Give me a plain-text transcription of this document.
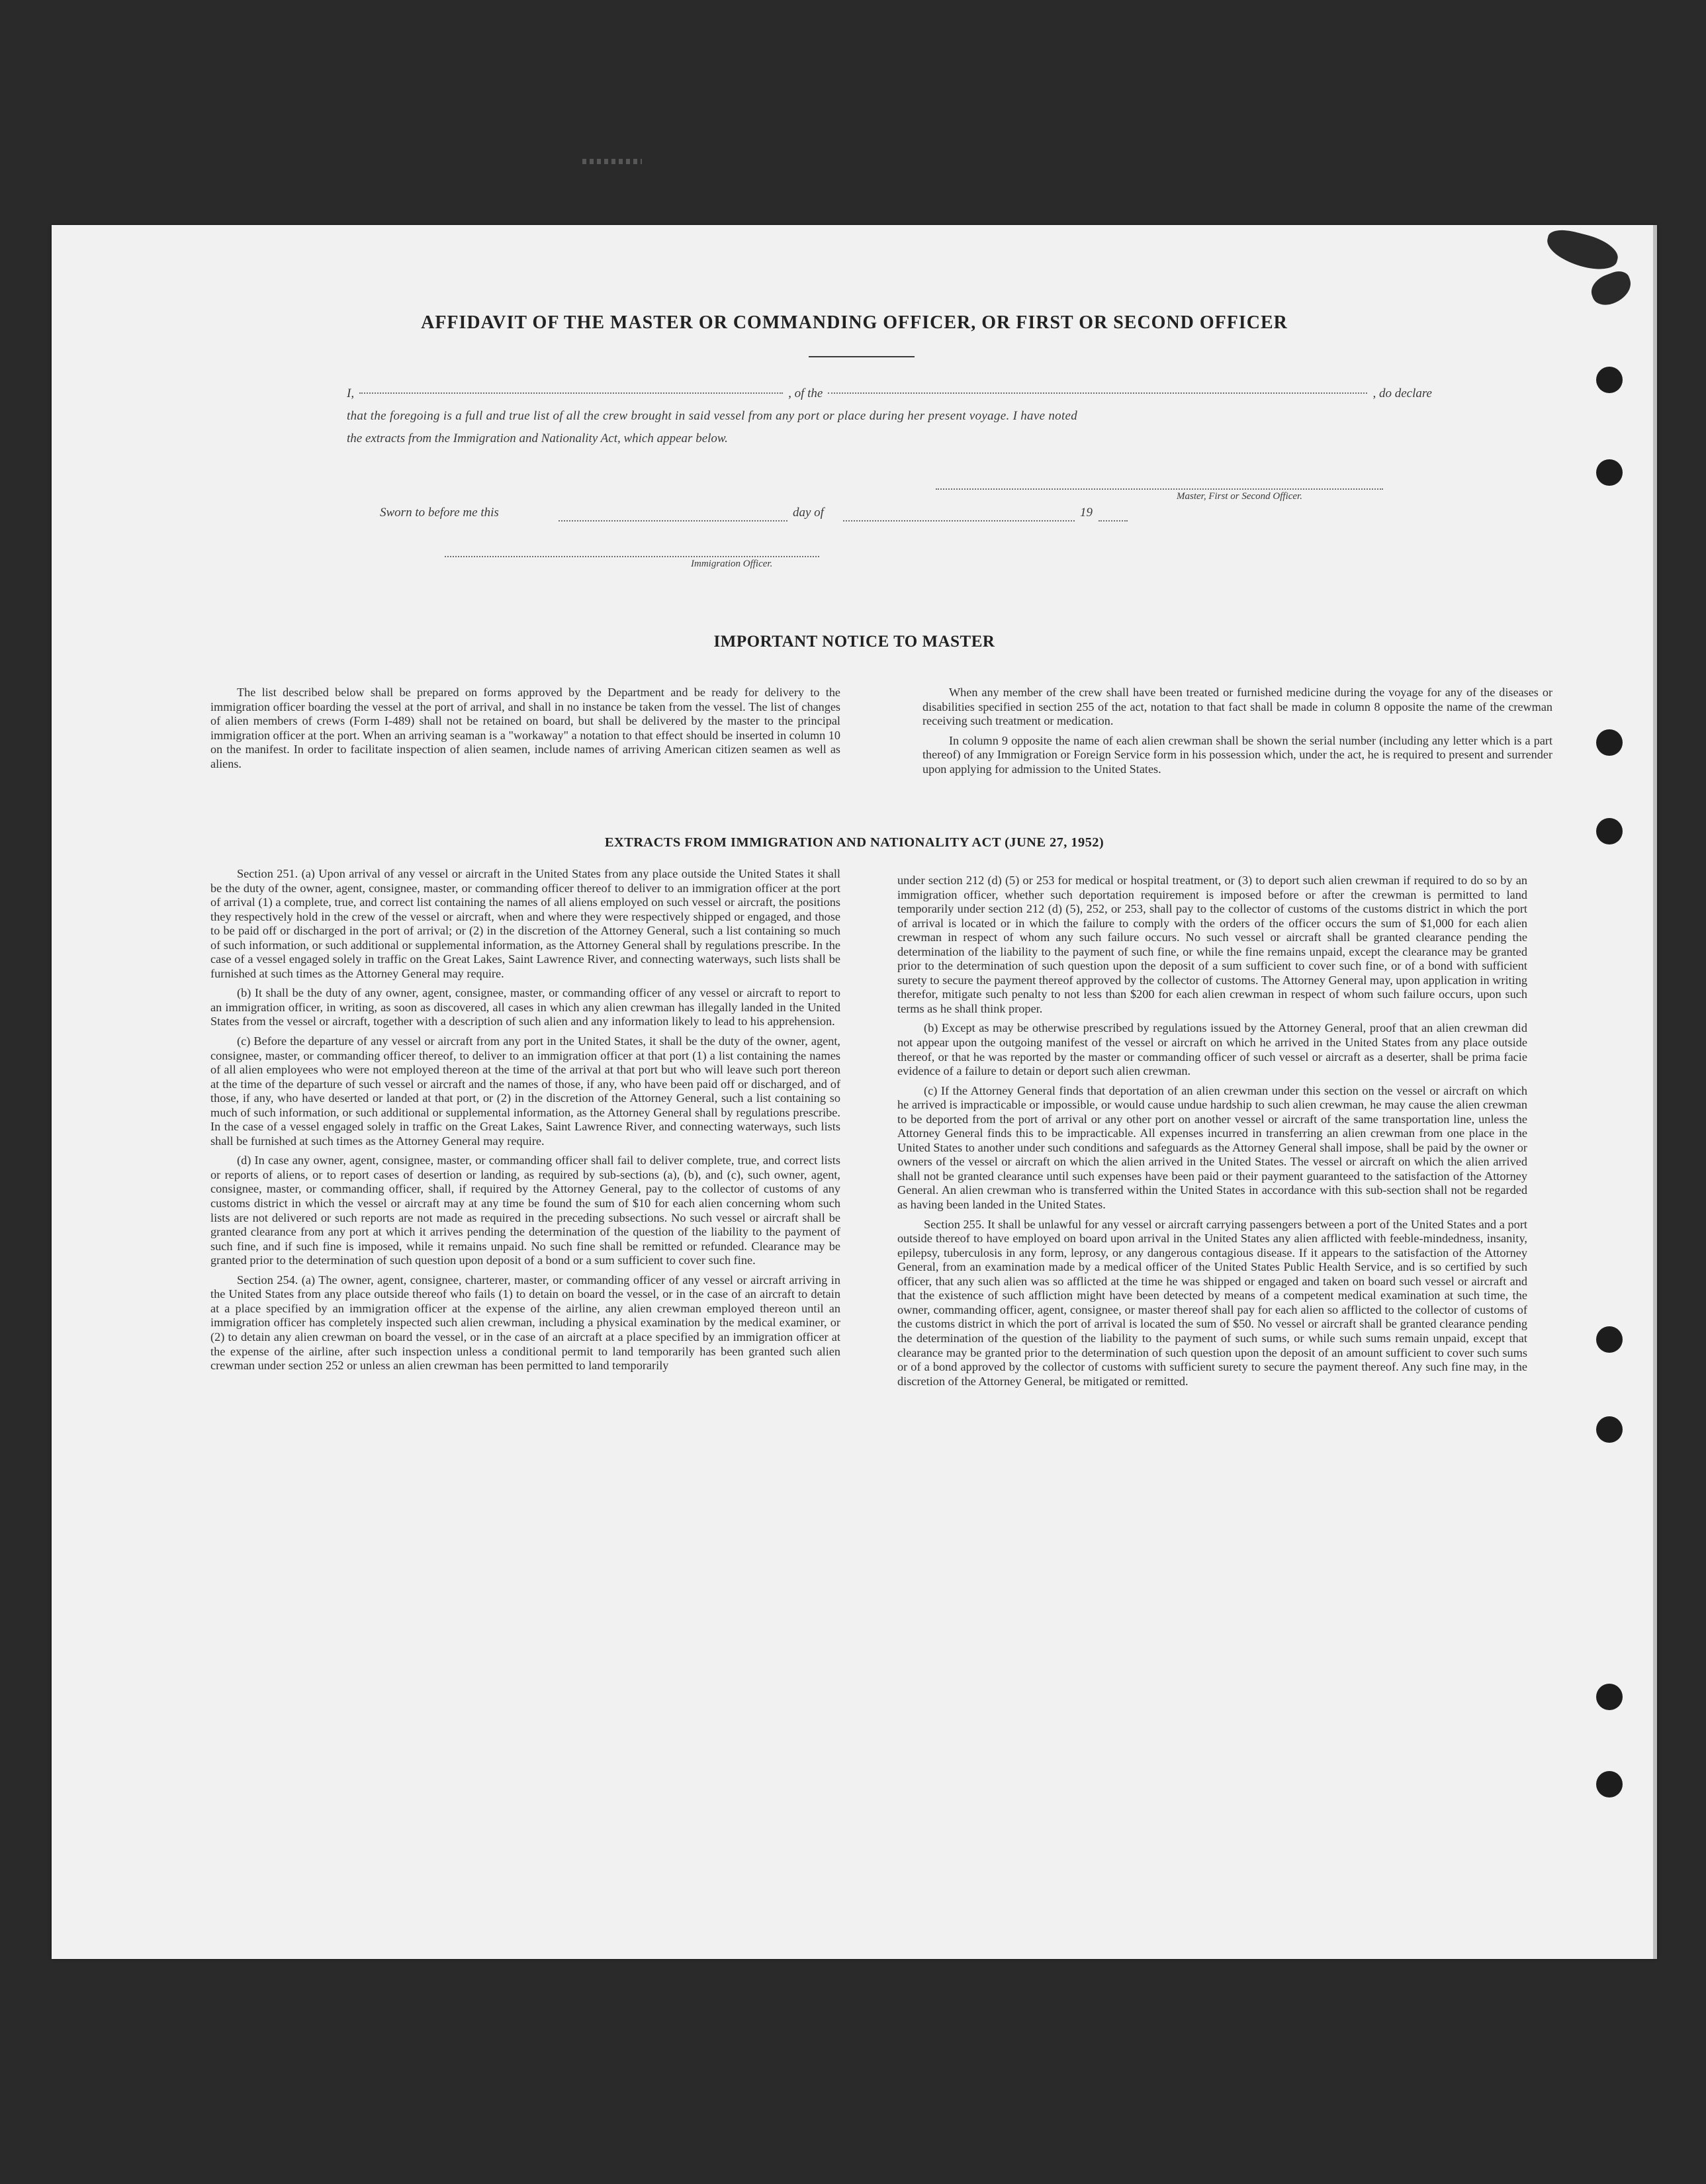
AFFIDAVIT OF THE MASTER OR COMMANDING OFFICER, OR FIRST OR SECOND OFFICER
I,	, of the	, do declare
that the foregoing is a full and true list of all the crew brought in said vessel from any port or place during her present voyage. I have noted
the extracts from the Immigration and Nationality Act, which appear below.
Master, First or Second Officer.
Sworn to before me this	day of	19
Immigration Officer.
IMPORTANT NOTICE TO MASTER

The list described below shall be prepared on forms approved by the Department and be ready for delivery to the immigration officer boarding the vessel at the port of arrival, and shall in no instance be taken from the vessel. The list of changes of alien members of crews (Form I-489) shall not be retained on board, but shall be delivered by the master to the principal immigration officer at the port. When an arriving seaman is a "workaway" a notation to that effect should be inserted in column 10 on the manifest. In order to facilitate inspection of alien seamen, include names of arriving American citizen seamen as well as aliens.

When any member of the crew shall have been treated or furnished medicine during the voyage for any of the diseases or disabilities specified in section 255 of the act, notation to that fact shall be made in column 8 opposite the name of the crewman receiving such treatment or medication.

In column 9 opposite the name of each alien crewman shall be shown the serial number (including any letter which is a part thereof) of any Immigration or Foreign Service form in his possession which, under the act, he is required to present and surrender upon applying for admission to the United States.

EXTRACTS FROM IMMIGRATION AND NATIONALITY ACT (JUNE 27, 1952)

Section 251. (a) Upon arrival of any vessel or aircraft in the United States from any place outside the United States it shall be the duty of the owner, agent, consignee, master, or commanding officer thereof to deliver to an immigration officer at the port of arrival (1) a complete, true, and correct list containing the names of all aliens employed on such vessel or aircraft, the positions they respectively hold in the crew of the vessel or aircraft, when and where they were respectively shipped or engaged, and those to be paid off or discharged in the port of arrival; or (2) in the discretion of the Attorney General, such a list containing so much of such information, or such additional or supplemental information, as the Attorney General shall by regulations prescribe. In the case of a vessel engaged solely in traffic on the Great Lakes, Saint Lawrence River, and connecting waterways, such lists shall be furnished at such times as the Attorney General may require.

(b) It shall be the duty of any owner, agent, consignee, master, or commanding officer of any vessel or aircraft to report to an immigration officer, in writing, as soon as discovered, all cases in which any alien crewman has illegally landed in the United States from the vessel or aircraft, together with a description of such alien and any information likely to lead to his apprehension.

(c) Before the departure of any vessel or aircraft from any port in the United States, it shall be the duty of the owner, agent, consignee, master, or commanding officer thereof, to deliver to an immigration officer at that port (1) a list containing the names of all alien employees who were not employed thereon at the time of the arrival at that port but who will leave such port thereon at the time of the departure of such vessel or aircraft and the names of those, if any, who have been paid off or discharged, and of those, if any, who have deserted or landed at that port, or (2) in the discretion of the Attorney General, such a list containing so much of such information, or such additional or supplemental information, as the Attorney General shall by regulations prescribe. In the case of a vessel engaged solely in traffic on the Great Lakes, Saint Lawrence River, and connecting waterways, such lists shall be furnished at such times as the Attorney General may require.

(d) In case any owner, agent, consignee, master, or commanding officer shall fail to deliver complete, true, and correct lists or reports of aliens, or to report cases of desertion or landing, as required by sub-sections (a), (b), and (c), such owner, agent, consignee, master, or commanding officer, shall, if required by the Attorney General, pay to the collector of customs of any customs district in which the vessel or aircraft may at any time be found the sum of $10 for each alien concerning whom such lists are not delivered or such reports are not made as required in the preceding subsections. No such vessel or aircraft shall be granted clearance from any port at which it arrives pending the determination of the question of the liability to the payment of such fine, and if such fine is imposed, while it remains unpaid. No such fine shall be remitted or refunded. Clearance may be granted prior to the determination of such question upon deposit of a bond or a sum sufficient to cover such fine.

Section 254. (a) The owner, agent, consignee, charterer, master, or commanding officer of any vessel or aircraft arriving in the United States from any place outside thereof who fails (1) to detain on board the vessel, or in the case of an aircraft to detain at a place specified by an immigration officer at the expense of the airline, any alien crewman employed thereon until an immigration officer has completely inspected such alien crewman, including a physical examination by the medical examiner, or (2) to detain any alien crewman on board the vessel, or in the case of an aircraft at a place specified by an immigration officer at the expense of the airline, after such inspection unless a conditional permit to land temporarily has been granted such alien crewman under section 252 or unless an alien crewman has been permitted to land temporarily

under section 212 (d) (5) or 253 for medical or hospital treatment, or (3) to deport such alien crewman if required to do so by an immigration officer, whether such deportation requirement is imposed before or after the crewman is permitted to land temporarily under section 212 (d) (5), 252, or 253, shall pay to the collector of customs of the customs district in which the port of arrival is located or in which the failure to comply with the orders of the officer occurs the sum of $1,000 for each alien crewman in respect of whom any such failure occurs. No such vessel or aircraft shall be granted clearance pending the determination of the liability to the payment of such fine, or while the fine remains unpaid, except the clearance may be granted prior to the determination of such question upon the deposit of a sum sufficient to cover such fine, or of a bond with sufficient surety to secure the payment thereof approved by the collector of customs. The Attorney General may, upon application in writing therefor, mitigate such penalty to not less than $200 for each alien crewman in respect of whom such failure occurs, upon such terms as he shall think proper.

(b) Except as may be otherwise prescribed by regulations issued by the Attorney General, proof that an alien crewman did not appear upon the outgoing manifest of the vessel or aircraft on which he arrived in the United States from any place outside thereof, or that he was reported by the master or commanding officer of such vessel or aircraft as a deserter, shall be prima facie evidence of a failure to detain or deport such alien crewman.

(c) If the Attorney General finds that deportation of an alien crewman under this section on the vessel or aircraft on which he arrived is impracticable or impossible, or would cause undue hardship to such alien crewman, he may cause the alien crewman to be deported from the port of arrival or any other port on another vessel or aircraft of the same transportation line, unless the Attorney General finds this to be impracticable. All expenses incurred in transferring an alien crewman from one place in the United States to another under such conditions and safeguards as the Attorney General shall impose, shall be paid by the owner or owners of the vessel or aircraft on which the alien arrived in the United States. The vessel or aircraft on which the alien arrived shall not be granted clearance until such expenses have been paid or their payment guaranteed to the satisfaction of the Attorney General. An alien crewman who is transferred within the United States in accordance with this sub-section shall not be regarded as having been landed in the United States.

Section 255. It shall be unlawful for any vessel or aircraft carrying passengers between a port of the United States and a port outside thereof to have employed on board upon arrival in the United States any alien afflicted with feeble-mindedness, insanity, epilepsy, tuberculosis in any form, leprosy, or any dangerous contagious disease. If it appears to the satisfaction of the Attorney General, from an examination made by a medical officer of the United States Public Health Service, and is so certified by such officer, that any such alien was so afflicted at the time he was shipped or engaged and taken on board such vessel or aircraft and that the existence of such affliction might have been detected by means of a competent medical examination at such time, the owner, commanding officer, agent, consignee, or master thereof shall pay for each alien so afflicted to the collector of customs of the customs district in which the port of arrival is located the sum of $50. No vessel or aircraft shall be granted clearance pending the determination of the question of the liability to the payment of such sums, or while such sums remain unpaid, except that clearance may be granted prior to the determination of such question upon the deposit of an amount sufficient to cover such sums or of a bond approved by the collector of customs with sufficient surety to secure the payment thereof. Any such fine may, in the discretion of the Attorney General, be mitigated or remitted.
